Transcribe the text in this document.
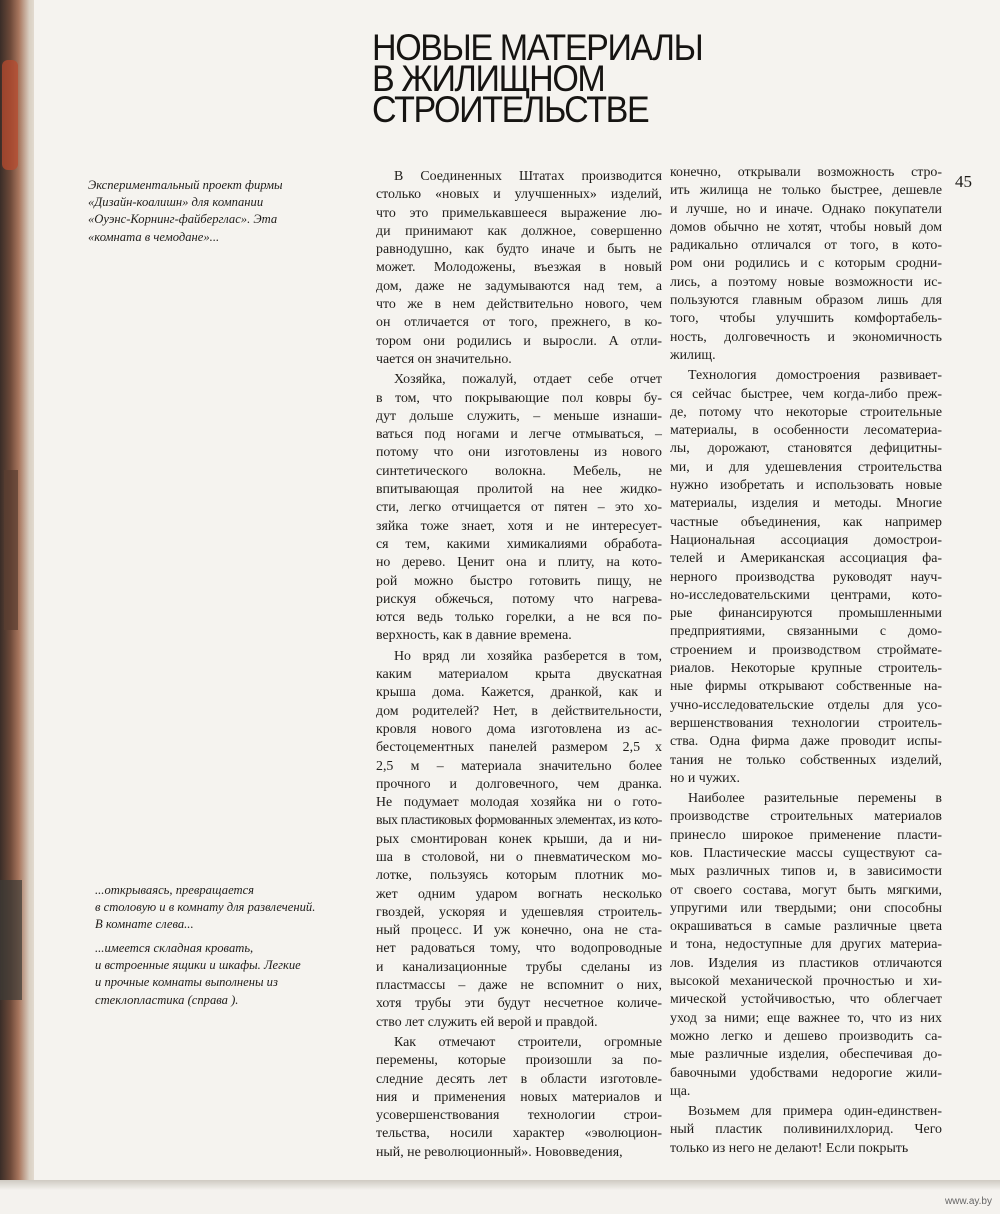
www.ay.by
НОВЫЕ МАТЕРИАЛЫ
В ЖИЛИЩНОМ
СТРОИТЕЛЬСТВЕ
45
Экспериментальный проект фирмы
«Дизайн-коалишн» для компании
«Оуэнс-Корнинг-файберглас». Эта
«комната в чемодане»...
...открываясь, превращается
в столовую и в комнату для развлечений.
В комнате слева...
...имеется складная кровать,
и встроенные ящики и шкафы. Легкие
и прочные комнаты выполнены из
стеклопластика (справа ).

В Соединенных Штатах производится
столько «новых и улучшенных» изделий,
что это примелькавшееся выражение лю-
ди принимают как должное, совершенно
равнодушно, как будто иначе и быть не
может. Молодожены, въезжая в новый
дом, даже не задумываются над тем, а
что же в нем действительно нового, чем
он отличается от того, прежнего, в ко-
тором они родились и выросли. А отли-
чается он значительно.

Хозяйка, пожалуй, отдает себе отчет
в том, что покрывающие пол ковры бу-
дут дольше служить, – меньше изнаши-
ваться под ногами и легче отмываться, –
потому что они изготовлены из нового
синтетического волокна. Мебель, не
впитывающая пролитой на нее жидко-
сти, легко отчищается от пятен – это хо-
зяйка тоже знает, хотя и не интересует-
ся тем, какими химикалиями обработа-
но дерево. Ценит она и плиту, на кото-
рой можно быстро готовить пищу, не
рискуя обжечься, потому что нагрева-
ются ведь только горелки, а не вся по-
верхность, как в давние времена.

Но вряд ли хозяйка разберется в том,
каким материалом крыта двускатная
крыша дома. Кажется, дранкой, как и
дом родителей? Нет, в действительности,
кровля нового дома изготовлена из ас-
бестоцементных панелей размером 2,5 х
2,5 м – материала значительно более
прочного и долговечного, чем дранка.
Не подумает молодая хозяйка ни о гото-
вых пластиковых формованных элементах, из кото-
рых смонтирован конек крыши, да и ни-
ша в столовой, ни о пневматическом мо-
лотке, пользуясь которым плотник мо-
жет одним ударом вогнать несколько
гвоздей, ускоряя и удешевляя строитель-
ный процесс. И уж конечно, она не ста-
нет радоваться тому, что водопроводные
и канализационные трубы сделаны из
пластмассы – даже не вспомнит о них,
хотя трубы эти будут несчетное количе-
ство лет служить ей верой и правдой.

Как отмечают строители, огромные
перемены, которые произошли за по-
следние десять лет в области изготовле-
ния и применения новых материалов и
усовершенствования технологии строи-
тельства, носили характер «эволюцион-
ный, не революционный». Нововведения,

конечно, открывали возможность стро-
ить жилища не только быстрее, дешевле
и лучше, но и иначе. Однако покупатели
домов обычно не хотят, чтобы новый дом
радикально отличался от того, в кото-
ром они родились и с которым сродни-
лись, а поэтому новые возможности ис-
пользуются главным образом лишь для
того, чтобы улучшить комфортабель-
ность, долговечность и экономичность
жилищ.

Технология домостроения развивает-
ся сейчас быстрее, чем когда-либо преж-
де, потому что некоторые строительные
материалы, в особенности лесоматериа-
лы, дорожают, становятся дефицитны-
ми, и для удешевления строительства
нужно изобретать и использовать новые
материалы, изделия и методы. Многие
частные объединения, как например
Национальная ассоциация домострои-
телей и Американская ассоциация фа-
нерного производства руководят науч-
но-исследовательскими центрами, кото-
рые финансируются промышленными
предприятиями, связанными с домо-
строением и производством строймате-
риалов. Некоторые крупные строитель-
ные фирмы открывают собственные на-
учно-исследовательские отделы для усо-
вершенствования технологии строитель-
ства. Одна фирма даже проводит испы-
тания не только собственных изделий,
но и чужих.

Наиболее разительные перемены в
производстве строительных материалов
принесло широкое применение пласти-
ков. Пластические массы существуют са-
мых различных типов и, в зависимости
от своего состава, могут быть мягкими,
упругими или твердыми; они способны
окрашиваться в самые различные цвета
и тона, недоступные для других материа-
лов. Изделия из пластиков отличаются
высокой механической прочностью и хи-
мической устойчивостью, что облегчает
уход за ними; еще важнее то, что из них
можно легко и дешево производить са-
мые различные изделия, обеспечивая до-
бавочными удобствами недорогие жили-
ща.

Возьмем для примера один-единствен-
ный пластик поливинилхлорид. Чего
только из него не делают! Если покрыть
